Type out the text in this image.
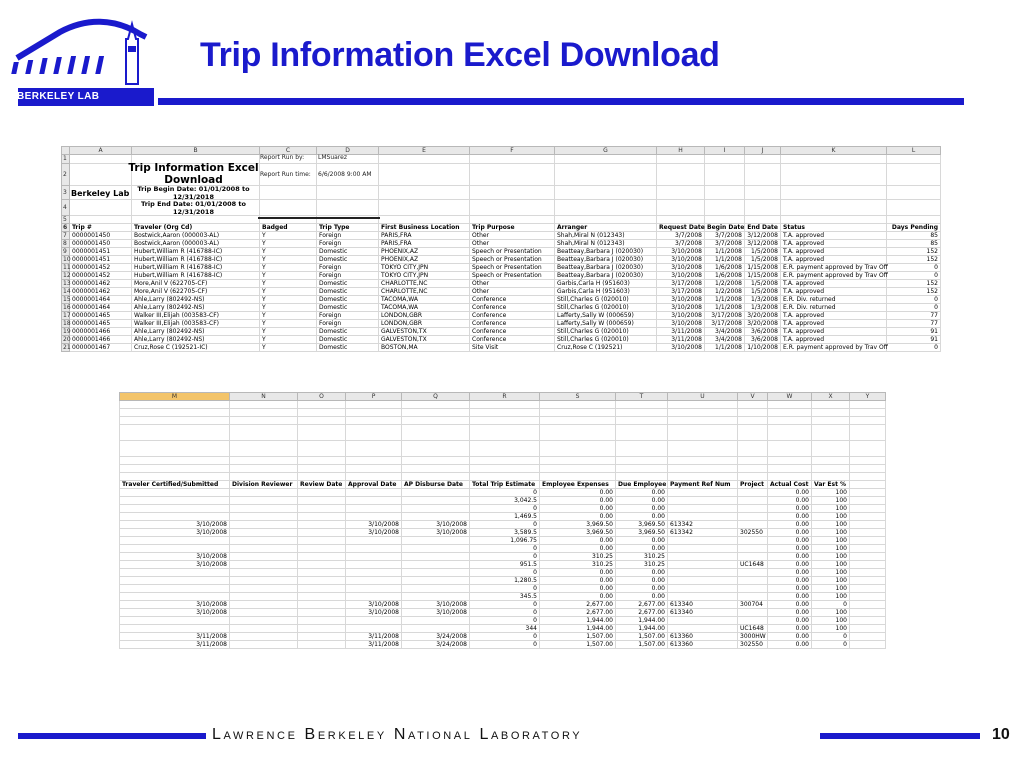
BERKELEY LAB
Trip Information Excel Download
	A	B	C	D	E	F	G	H	I	J	K	L
1												
2												
3												
4												
5												
6	Trip #	Traveler (Org Cd)	Badged	Trip Type	First Business Location	Trip Purpose	Arranger	Request Date	Begin Date	End Date	Status	Days Pending
7	0000001450	Bostwick,Aaron (000003-AL)	Y	Foreign	PARIS,FRA	Other	Shah,Miral N (012343)	3/7/2008	3/7/2008	3/12/2008	T.A. approved	85
8	0000001450	Bostwick,Aaron (000003-AL)	Y	Foreign	PARIS,FRA	Other	Shah,Miral N (012343)	3/7/2008	3/7/2008	3/12/2008	T.A. approved	85
9	0000001451	Hubert,William R (416788-IC)	Y	Domestic	PHOENIX,AZ	Speech or Presentation	Beatteay,Barbara J (020030)	3/10/2008	1/1/2008	1/5/2008	T.A. approved	152
10	0000001451	Hubert,William R (416788-IC)	Y	Domestic	PHOENIX,AZ	Speech or Presentation	Beatteay,Barbara J (020030)	3/10/2008	1/1/2008	1/5/2008	T.A. approved	152
11	0000001452	Hubert,William R (416788-IC)	Y	Foreign	TOKYO CITY,JPN	Speech or Presentation	Beatteay,Barbara J (020030)	3/10/2008	1/6/2008	1/15/2008	E.R. payment approved by Trav Off	0
12	0000001452	Hubert,William R (416788-IC)	Y	Foreign	TOKYO CITY,JPN	Speech or Presentation	Beatteay,Barbara J (020030)	3/10/2008	1/6/2008	1/15/2008	E.R. payment approved by Trav Off	0
13	0000001462	More,Anil V (622705-CF)	Y	Domestic	CHARLOTTE,NC	Other	Garbis,Carla H (951603)	3/17/2008	1/2/2008	1/5/2008	T.A. approved	152
14	0000001462	More,Anil V (622705-CF)	Y	Domestic	CHARLOTTE,NC	Other	Garbis,Carla H (951603)	3/17/2008	1/2/2008	1/5/2008	T.A. approved	152
15	0000001464	Ahle,Larry (802492-NS)	Y	Domestic	TACOMA,WA	Conference	Still,Charles G (020010)	3/10/2008	1/1/2008	1/3/2008	E.R. Div. returned	0
16	0000001464	Ahle,Larry (802492-NS)	Y	Domestic	TACOMA,WA	Conference	Still,Charles G (020010)	3/10/2008	1/1/2008	1/3/2008	E.R. Div. returned	0
17	0000001465	Walker III,Elijah (003583-CF)	Y	Foreign	LONDON,GBR	Conference	Lafferty,Sally W (000659)	3/10/2008	3/17/2008	3/20/2008	T.A. approved	77
18	0000001465	Walker III,Elijah (003583-CF)	Y	Foreign	LONDON,GBR	Conference	Lafferty,Sally W (000659)	3/10/2008	3/17/2008	3/20/2008	T.A. approved	77
19	0000001466	Ahle,Larry (802492-NS)	Y	Domestic	GALVESTON,TX	Conference	Still,Charles G (020010)	3/11/2008	3/4/2008	3/6/2008	T.A. approved	91
20	0000001466	Ahle,Larry (802492-NS)	Y	Domestic	GALVESTON,TX	Conference	Still,Charles G (020010)	3/11/2008	3/4/2008	3/6/2008	T.A. approved	91
21	0000001467	Cruz,Rose C (192521-IC)	Y	Domestic	BOSTON,MA	Site Visit	Cruz,Rose C (192521)	3/10/2008	1/1/2008	1/10/2008	E.R. payment approved by Trav Off	0
Berkeley Lab
Trip Information Excel Download
Trip Begin Date: 01/01/2008 to 12/31/2018
Trip End Date: 01/01/2008 to 12/31/2018
Report Run by: LMSuarez
Report Run time: 6/6/2008 9:00 AM
M	N	O	P	Q	R	S	T	U	V	W	X	Y

Traveler Certified/Submitted	Division Reviewer	Review Date	Approval Date	AP Disburse Date	Total Trip Estimate	Employee Expenses	Due Employee	Payment Ref Num	Project	Actual Cost	Var Est %	
					0	0.00	0.00			0.00	100	
					3,042.5	0.00	0.00			0.00	100	
					0	0.00	0.00			0.00	100	
					1,469.5	0.00	0.00			0.00	100	
3/10/2008			3/10/2008	3/10/2008	0	3,969.50	3,969.50	613342		0.00	100	
3/10/2008			3/10/2008	3/10/2008	3,589.5	3,969.50	3,969.50	613342	302550	0.00	100	
					1,096.75	0.00	0.00			0.00	100	
					0	0.00	0.00			0.00	100	
3/10/2008					0	310.25	310.25			0.00	100	
3/10/2008					951.5	310.25	310.25		UC1648	0.00	100	
					0	0.00	0.00			0.00	100	
					1,280.5	0.00	0.00			0.00	100	
					0	0.00	0.00			0.00	100	
					345.5	0.00	0.00			0.00	100	
3/10/2008			3/10/2008	3/10/2008	0	2,677.00	2,677.00	613340	300704	0.00	0	
3/10/2008			3/10/2008	3/10/2008	0	2,677.00	2,677.00	613340		0.00	100	
					0	1,944.00	1,944.00			0.00	100	
					344	1,944.00	1,944.00		UC1648	0.00	100	
3/11/2008			3/11/2008	3/24/2008	0	1,507.00	1,507.00	613360	3000HW	0.00	0	
3/11/2008			3/11/2008	3/24/2008	0	1,507.00	1,507.00	613360	302550	0.00	0	
Lawrence Berkeley National Laboratory	10
